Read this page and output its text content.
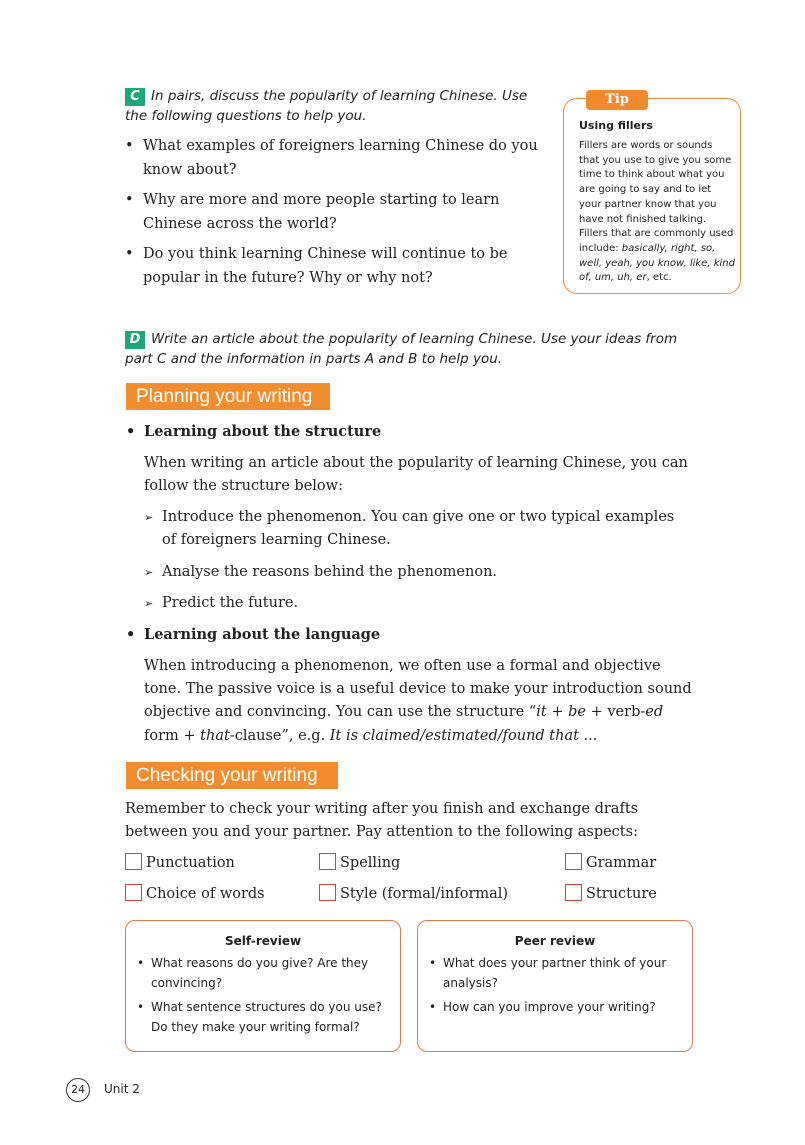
C In pairs, discuss the popularity of learning Chinese. Use the following questions to help you.
• What examples of foreigners learning Chinese do you know about?
• Why are more and more people starting to learn Chinese across the world?
• Do you think learning Chinese will continue to be popular in the future? Why or why not?
Using fillers
Fillers are words or sounds that you use to give you some time to think about what you are going to say and to let your partner know that you have not finished talking. Fillers that are commonly used include: basically, right, so, well, yeah, you know, like, kind of, um, uh, er, etc.
Tip
D Write an article about the popularity of learning Chinese. Use your ideas from part C and the information in parts A and B to help you.
Planning your writing
• Learning about the structure
When writing an article about the popularity of learning Chinese, you can follow the structure below:
➢ Introduce the phenomenon. You can give one or two typical examples of foreigners learning Chinese.
➢ Analyse the reasons behind the phenomenon.
➢ Predict the future.
• Learning about the language
When introducing a phenomenon, we often use a formal and objective tone. The passive voice is a useful device to make your introduction sound objective and convincing. You can use the structure “it + be + verb-ed form + that-clause”, e.g. It is claimed/estimated/found that ...
Checking your writing
Remember to check your writing after you finish and exchange drafts between you and your partner. Pay attention to the following aspects:
Punctuation	Spelling	Grammar
Choice of words	Style (formal/informal)	Structure
Self-review
• What reasons do you give? Are they convincing?
• What sentence structures do you use? Do they make your writing formal?
Peer review
• What does your partner think of your analysis?
• How can you improve your writing?
24	Unit 2
